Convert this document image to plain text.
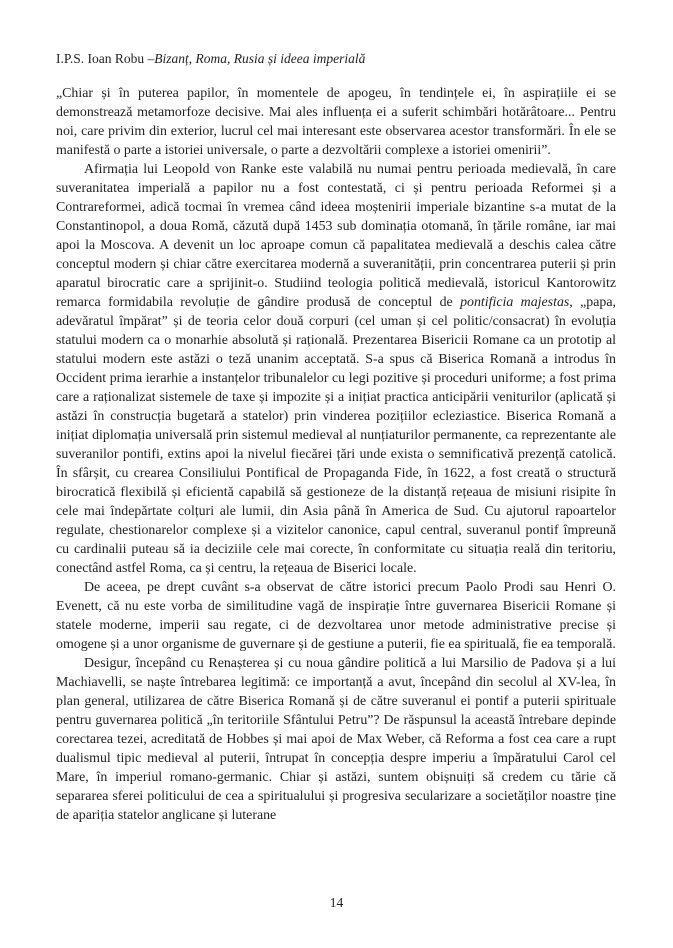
I.P.S. Ioan Robu –Bizanț, Roma, Rusia și ideea imperială

„Chiar și în puterea papilor, în momentele de apogeu, în tendințele ei, în aspirațiile ei se demonstrează metamorfoze decisive. Mai ales influența ei a suferit schimbări hotărâtoare... Pentru noi, care privim din exterior, lucrul cel mai interesant este observarea acestor transformări. În ele se manifestă o parte a istoriei universale, o parte a dezvoltării complexe a istoriei omenirii”.

Afirmația lui Leopold von Ranke este valabilă nu numai pentru perioada medievală, în care suveranitatea imperială a papilor nu a fost contestată, ci și pentru perioada Reformei și a Contrareformei, adică tocmai în vremea când ideea moștenirii imperiale bizantine s-a mutat de la Constantinopol, a doua Romă, căzută după 1453 sub dominația otomană, în țările române, iar mai apoi la Moscova. A devenit un loc aproape comun că papalitatea medievală a deschis calea către conceptul modern și chiar către exercitarea modernă a suveranității, prin concentrarea puterii și prin aparatul birocratic care a sprijinit-o. Studiind teologia politică medievală, istoricul Kantorowitz remarca formidabila revoluție de gândire produsă de conceptul de pontificia majestas, „papa, adevăratul împărat” și de teoria celor două corpuri (cel uman și cel politic/consacrat) în evoluția statului modern ca o monarhie absolută și rațională. Prezentarea Bisericii Romane ca un prototip al statului modern este astăzi o teză unanim acceptată. S-a spus că Biserica Romană a introdus în Occident prima ierarhie a instanțelor tribunalelor cu legi pozitive și proceduri uniforme; a fost prima care a raționalizat sistemele de taxe și impozite și a inițiat practica anticipării veniturilor (aplicată și astăzi în construcția bugetară a statelor) prin vinderea pozițiilor ecleziastice. Biserica Romană a inițiat diplomația universală prin sistemul medieval al nunțiaturilor permanente, ca reprezentante ale suveranilor pontifi, extins apoi la nivelul fiecărei țări unde exista o semnificativă prezență catolică. În sfârșit, cu crearea Consiliului Pontifical de Propaganda Fide, în 1622, a fost creată o structură birocratică flexibilă și eficientă capabilă să gestioneze de la distanță rețeaua de misiuni risipite în cele mai îndepărtate colțuri ale lumii, din Asia până în America de Sud. Cu ajutorul rapoartelor regulate, chestionarelor complexe și a vizitelor canonice, capul central, suveranul pontif împreună cu cardinalii puteau să ia deciziile cele mai corecte, în conformitate cu situația reală din teritoriu, conectând astfel Roma, ca și centru, la rețeaua de Biserici locale.

De aceea, pe drept cuvânt s-a observat de către istorici precum Paolo Prodi sau Henri O. Evenett, că nu este vorba de similitudine vagă de inspirație între guvernarea Bisericii Romane și statele moderne, imperii sau regate, ci de dezvoltarea unor metode administrative precise și omogene și a unor organisme de guvernare și de gestiune a puterii, fie ea spirituală, fie ea temporală.

Desigur, începând cu Renașterea și cu noua gândire politică a lui Marsilio de Padova și a lui Machiavelli, se naște întrebarea legitimă: ce importanță a avut, începând din secolul al XV-lea, în plan general, utilizarea de către Biserica Romană și de către suveranul ei pontif a puterii spirituale pentru guvernarea politică „în teritoriile Sfântului Petru”? De răspunsul la această întrebare depinde corectarea tezei, acreditată de Hobbes și mai apoi de Max Weber, că Reforma a fost cea care a rupt dualismul tipic medieval al puterii, întrupat în concepția despre imperiu a împăratului Carol cel Mare, în imperiul romano-germanic. Chiar și astăzi, suntem obișnuiți să credem cu tărie că separarea sferei politicului de cea a spiritualului și progresiva secularizare a societăților noastre ține de apariția statelor anglicane și luterane

14
